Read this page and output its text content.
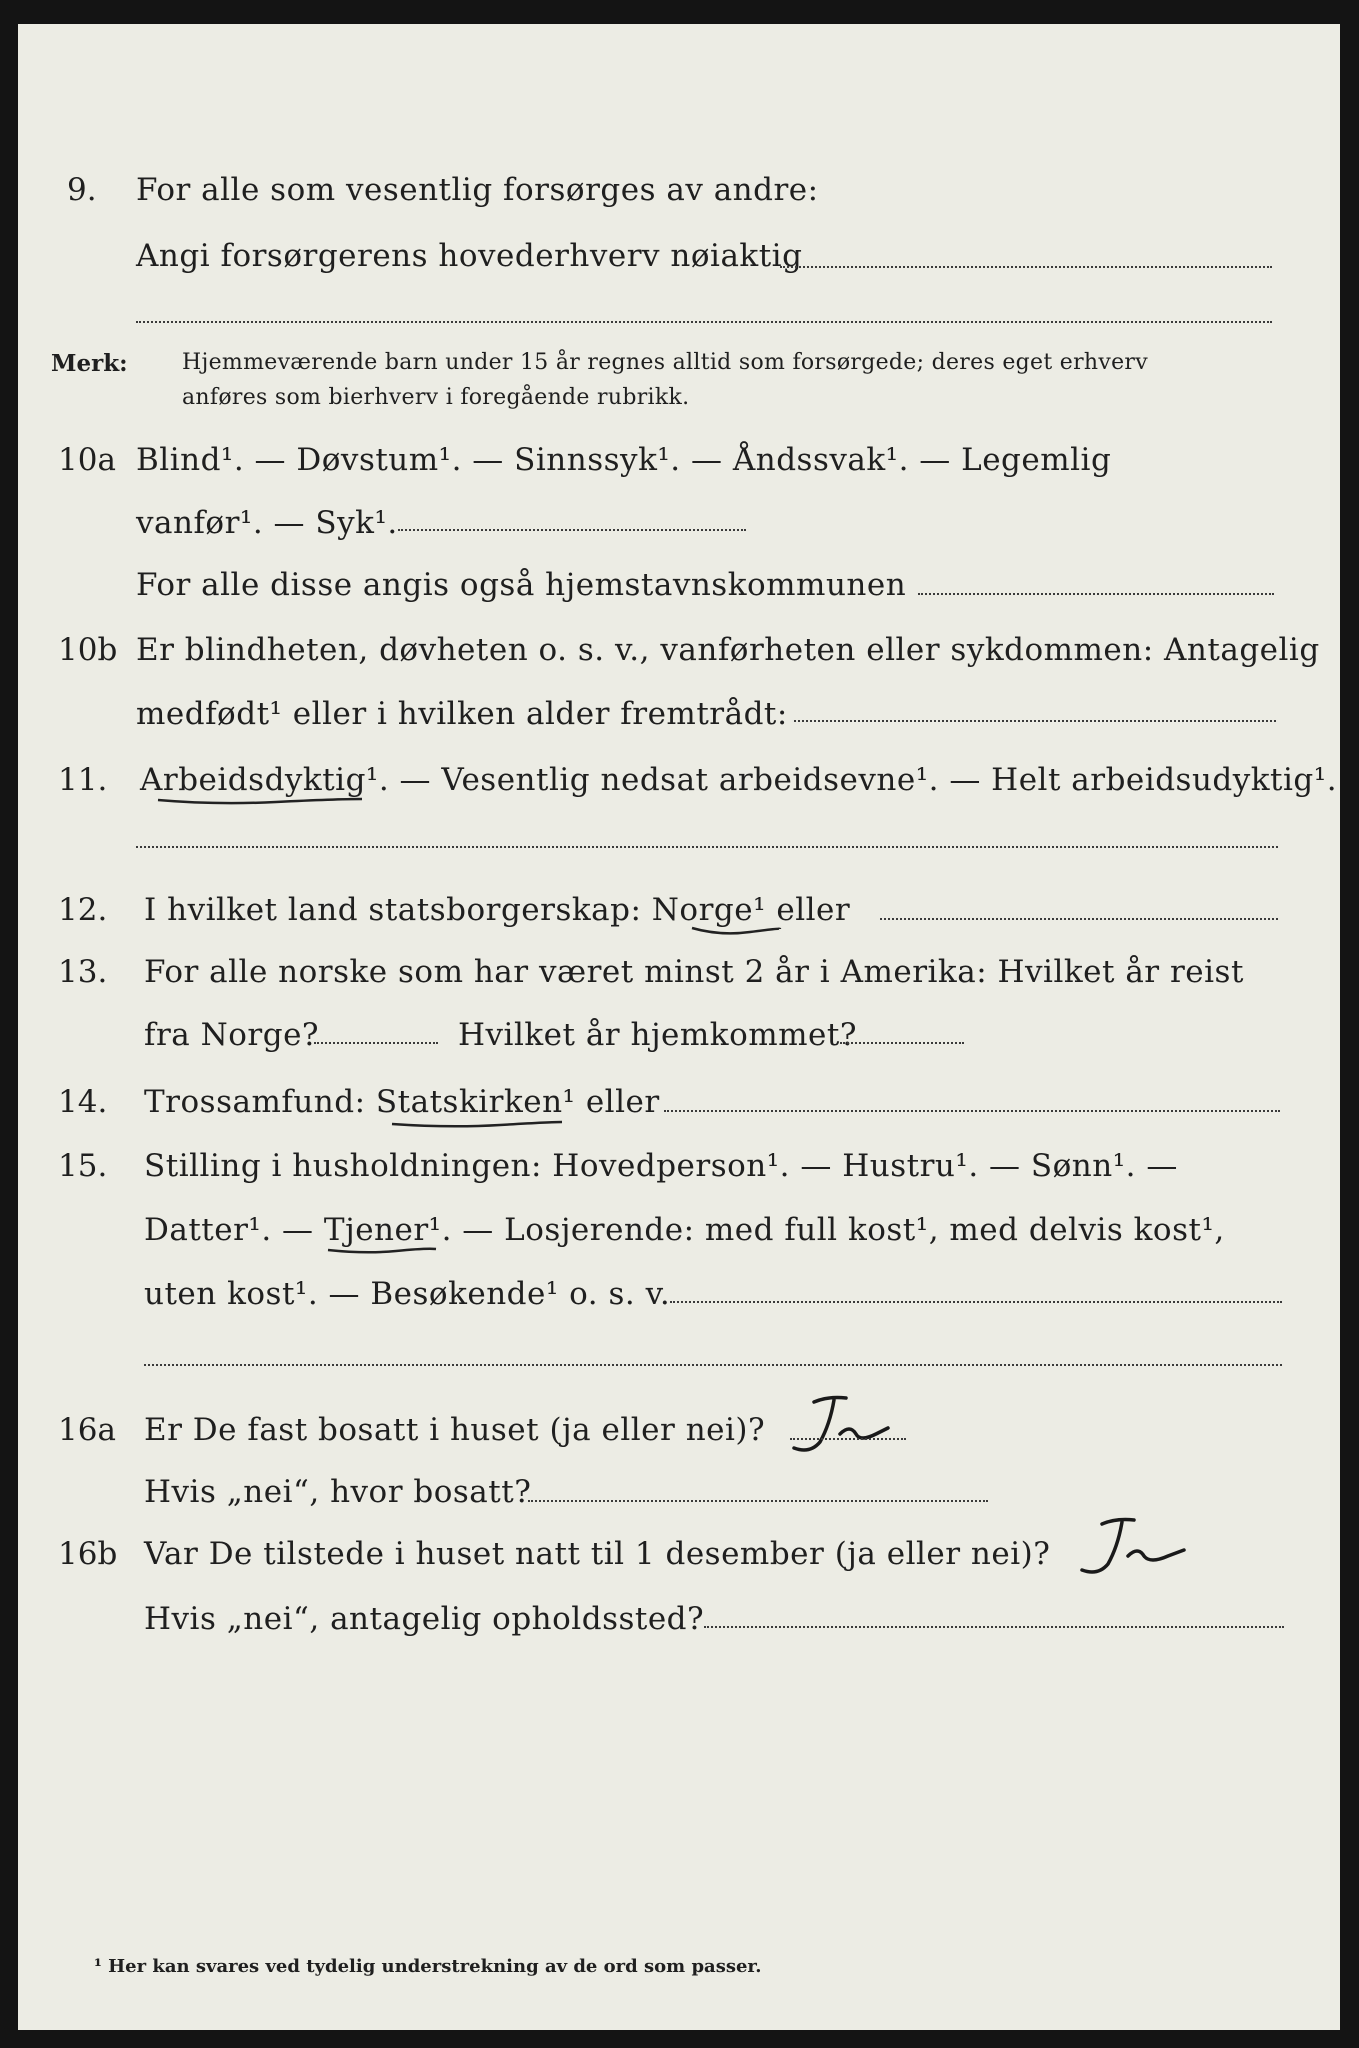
9. For alle som vesentlig forsørges av andre:
Angi forsørgerens hovederhverv nøiaktig
Merk: Hjemmeværende barn under 15 år regnes alltid som forsørgede; deres eget erhverv
anføres som bierhverv i foregående rubrikk.
10a Blind¹. — Døvstum¹. — Sinnssyk¹. — Åndssvak¹. — Legemlig
vanfør¹. — Syk¹.
For alle disse angis også hjemstavnskommunen
10b Er blindheten, døvheten o. s. v., vanførheten eller sykdommen: Antagelig
medfødt¹ eller i hvilken alder fremtrådt:
11. Arbeidsdyktig¹. — Vesentlig nedsat arbeidsevne¹. — Helt arbeidsudyktig¹.
12. I hvilket land statsborgerskap: Norge¹ eller
13. For alle norske som har været minst 2 år i Amerika: Hvilket år reist
fra Norge?	Hvilket år hjemkommet?
14. Trossamfund: Statskirken¹ eller
15. Stilling i husholdningen: Hovedperson¹. — Hustru¹. — Sønn¹. —
Datter¹. — Tjener¹. — Losjerende: med full kost¹, med delvis kost¹,
uten kost¹. — Besøkende¹ o. s. v.
16a Er De fast bosatt i huset (ja eller nei)?
Hvis „nei“, hvor bosatt?
16b Var De tilstede i huset natt til 1 desember (ja eller nei)?
Hvis „nei“, antagelig opholdssted?
¹ Her kan svares ved tydelig understrekning av de ord som passer.
